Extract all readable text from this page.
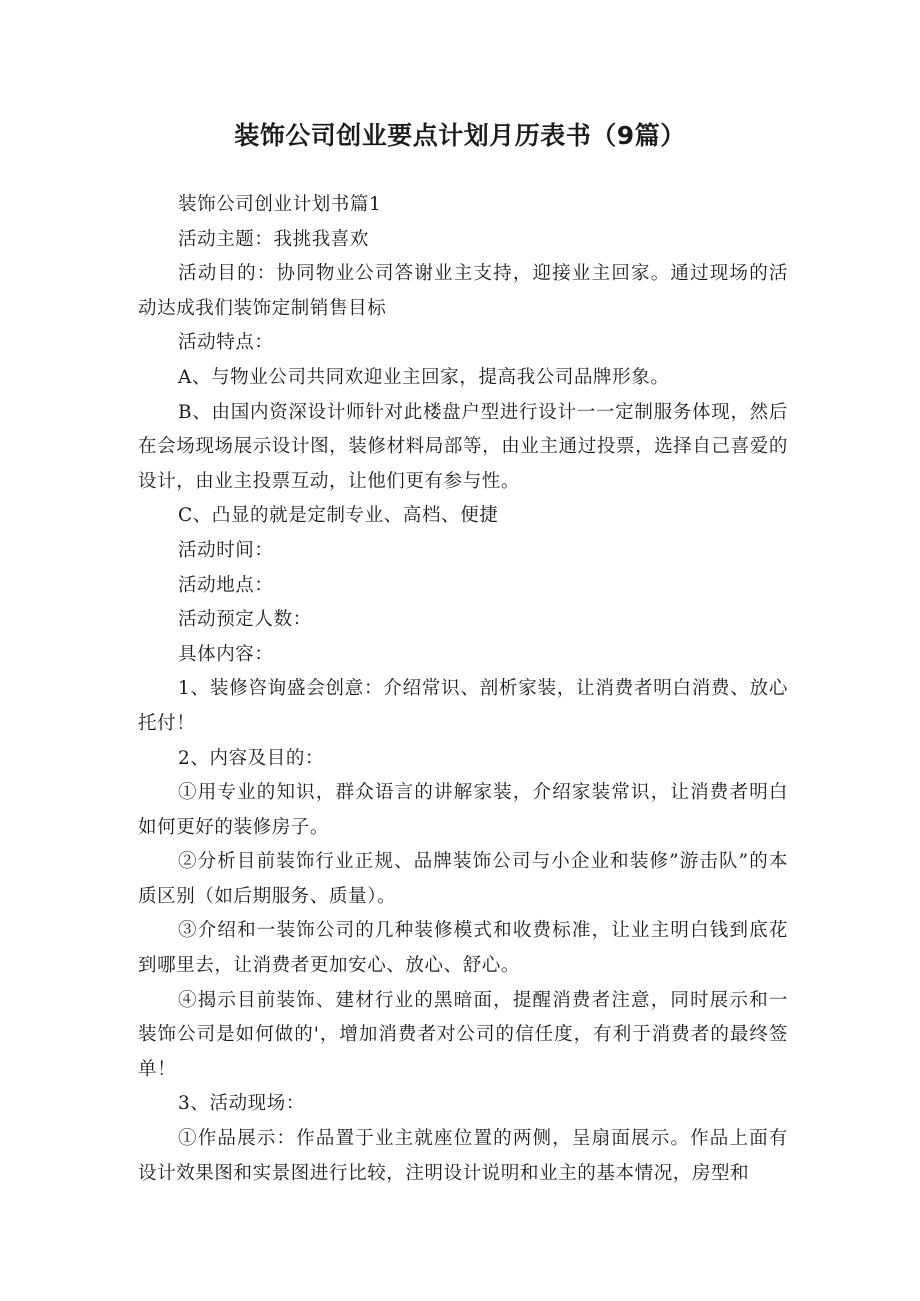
装饰公司创业要点计划月历表书（9篇）

装饰公司创业计划书篇1

活动主题：我挑我喜欢

活动目的：协同物业公司答谢业主支持，迎接业主回家。通过现场的活动达成我们装饰定制销售目标

活动特点：

A、与物业公司共同欢迎业主回家，提高我公司品牌形象。

B、由国内资深设计师针对此楼盘户型进行设计一一定制服务体现，然后在会场现场展示设计图，装修材料局部等，由业主通过投票，选择自己喜爱的设计，由业主投票互动，让他们更有参与性。

C、凸显的就是定制专业、高档、便捷

活动时间：

活动地点：

活动预定人数：

具体内容：

1、装修咨询盛会创意：介绍常识、剖析家装，让消费者明白消费、放心托付！

2、内容及目的：

①用专业的知识，群众语言的讲解家装，介绍家装常识，让消费者明白如何更好的装修房子。

②分析目前装饰行业正规、品牌装饰公司与小企业和装修”游击队”的本质区别（如后期服务、质量）。

③介绍和一装饰公司的几种装修模式和收费标准，让业主明白钱到底花到哪里去，让消费者更加安心、放心、舒心。

④揭示目前装饰、建材行业的黑暗面，提醒消费者注意，同时展示和一装饰公司是如何做的'，增加消费者对公司的信任度，有利于消费者的最终签单！

3、活动现场：

①作品展示：作品置于业主就座位置的两侧，呈扇面展示。作品上面有设计效果图和实景图进行比较，注明设计说明和业主的基本情况，房型和
